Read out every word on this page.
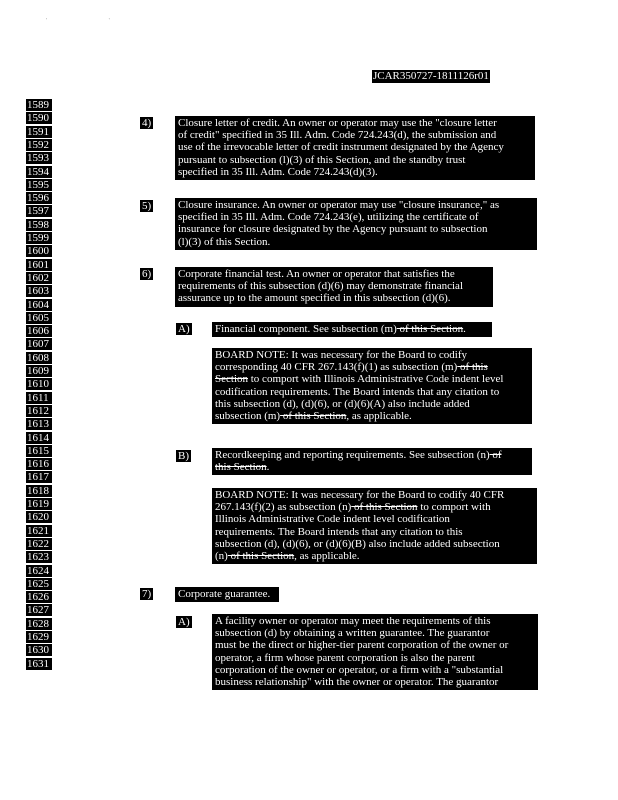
' '
JCAR350727-1811126r01
1589
1590
1591
1592
1593
1594
1595
1596
1597
1598
1599
1600
1601
1602
1603
1604
1605
1606
1607
1608
1609
1610
1611
1612
1613
1614
1615
1616
1617
1618
1619
1620
1621
1622
1623
1624
1625
1626
1627
1628
1629
1630
1631
4) Closure letter of credit. An owner or operator may use the "closure letter
of credit" specified in 35 Ill. Adm. Code 724.243(d), the submission and
use of the irrevocable letter of credit instrument designated by the Agency
pursuant to subsection (l)(3) of this Section, and the standby trust
specified in 35 Ill. Adm. Code 724.243(d)(3).
5) Closure insurance. An owner or operator may use "closure insurance," as
specified in 35 Ill. Adm. Code 724.243(e), utilizing the certificate of
insurance for closure designated by the Agency pursuant to subsection
(l)(3) of this Section.
6) Corporate financial test. An owner or operator that satisfies the
requirements of this subsection (d)(6) may demonstrate financial
assurance up to the amount specified in this subsection (d)(6).
A) Financial component. See subsection (m) of this Section.
BOARD NOTE: It was necessary for the Board to codify
corresponding 40 CFR 267.143(f)(1) as subsection (m) of this
Section to comport with Illinois Administrative Code indent level
codification requirements. The Board intends that any citation to
this subsection (d), (d)(6), or (d)(6)(A) also include added
subsection (m) of this Section, as applicable.
B) Recordkeeping and reporting requirements. See subsection (n) of
this Section.
BOARD NOTE: It was necessary for the Board to codify 40 CFR
267.143(f)(2) as subsection (n) of this Section to comport with
Illinois Administrative Code indent level codification
requirements. The Board intends that any citation to this
subsection (d), (d)(6), or (d)(6)(B) also include added subsection
(n) of this Section, as applicable.
7) Corporate guarantee.
A) A facility owner or operator may meet the requirements of this
subsection (d) by obtaining a written guarantee. The guarantor
must be the direct or higher-tier parent corporation of the owner or
operator, a firm whose parent corporation is also the parent
corporation of the owner or operator, or a firm with a "substantial
business relationship" with the owner or operator. The guarantor
